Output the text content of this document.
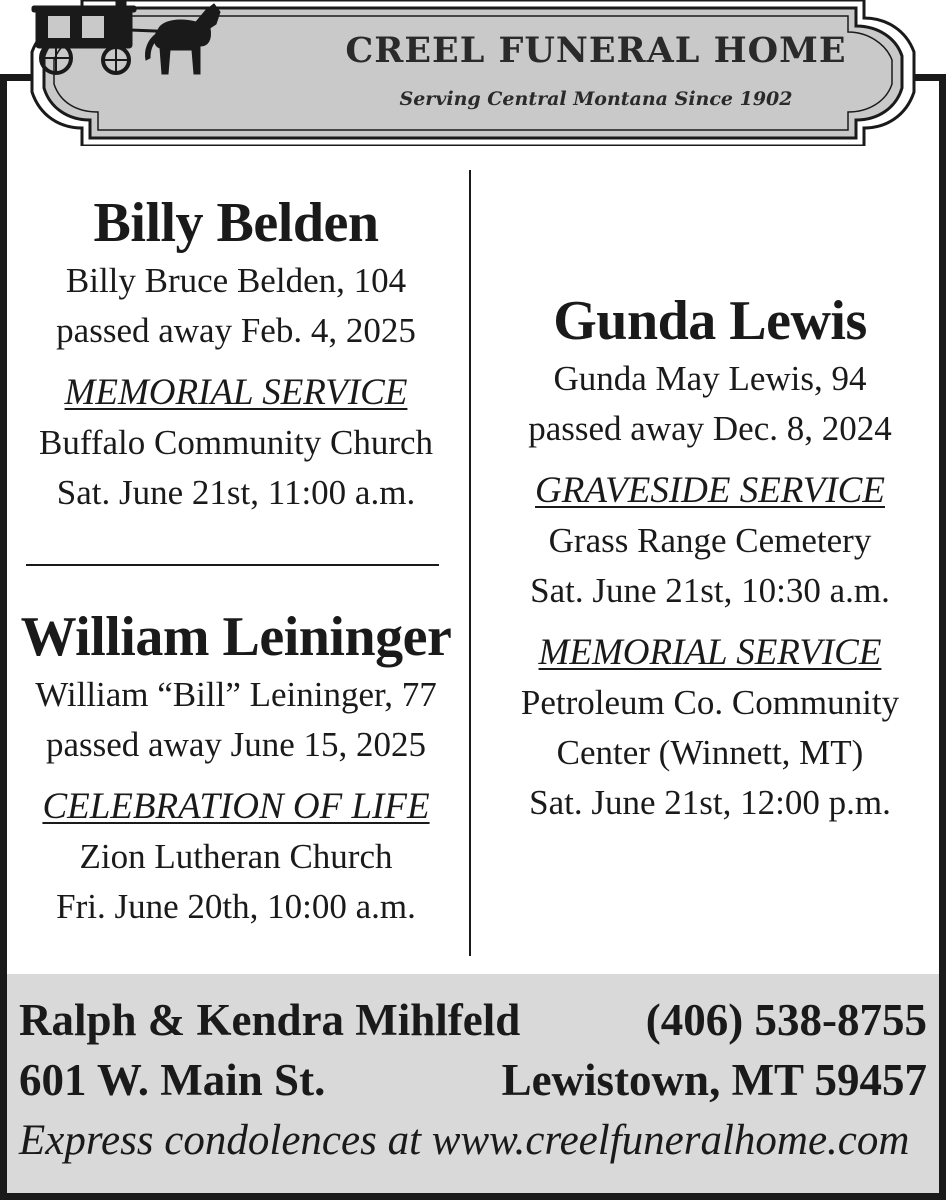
CREEL FUNERAL HOME
Serving Central Montana Since 1902
Billy Belden
Billy Bruce Belden, 104
passed away Feb. 4, 2025
MEMORIAL SERVICE
Buffalo Community Church
Sat. June 21st, 11:00 a.m.
William Leininger
William “Bill” Leininger, 77
passed away June 15, 2025
CELEBRATION OF LIFE
Zion Lutheran Church
Fri. June 20th, 10:00 a.m.
Gunda Lewis
Gunda May Lewis, 94
passed away Dec. 8, 2024
GRAVESIDE SERVICE
Grass Range Cemetery
Sat. June 21st, 10:30 a.m.
MEMORIAL SERVICE
Petroleum Co. Community
Center (Winnett, MT)
Sat. June 21st, 12:00 p.m.
Ralph & Kendra Mihlfeld	(406) 538-8755
601 W. Main St.	Lewistown, MT 59457
Express condolences at www.creelfuneralhome.com
